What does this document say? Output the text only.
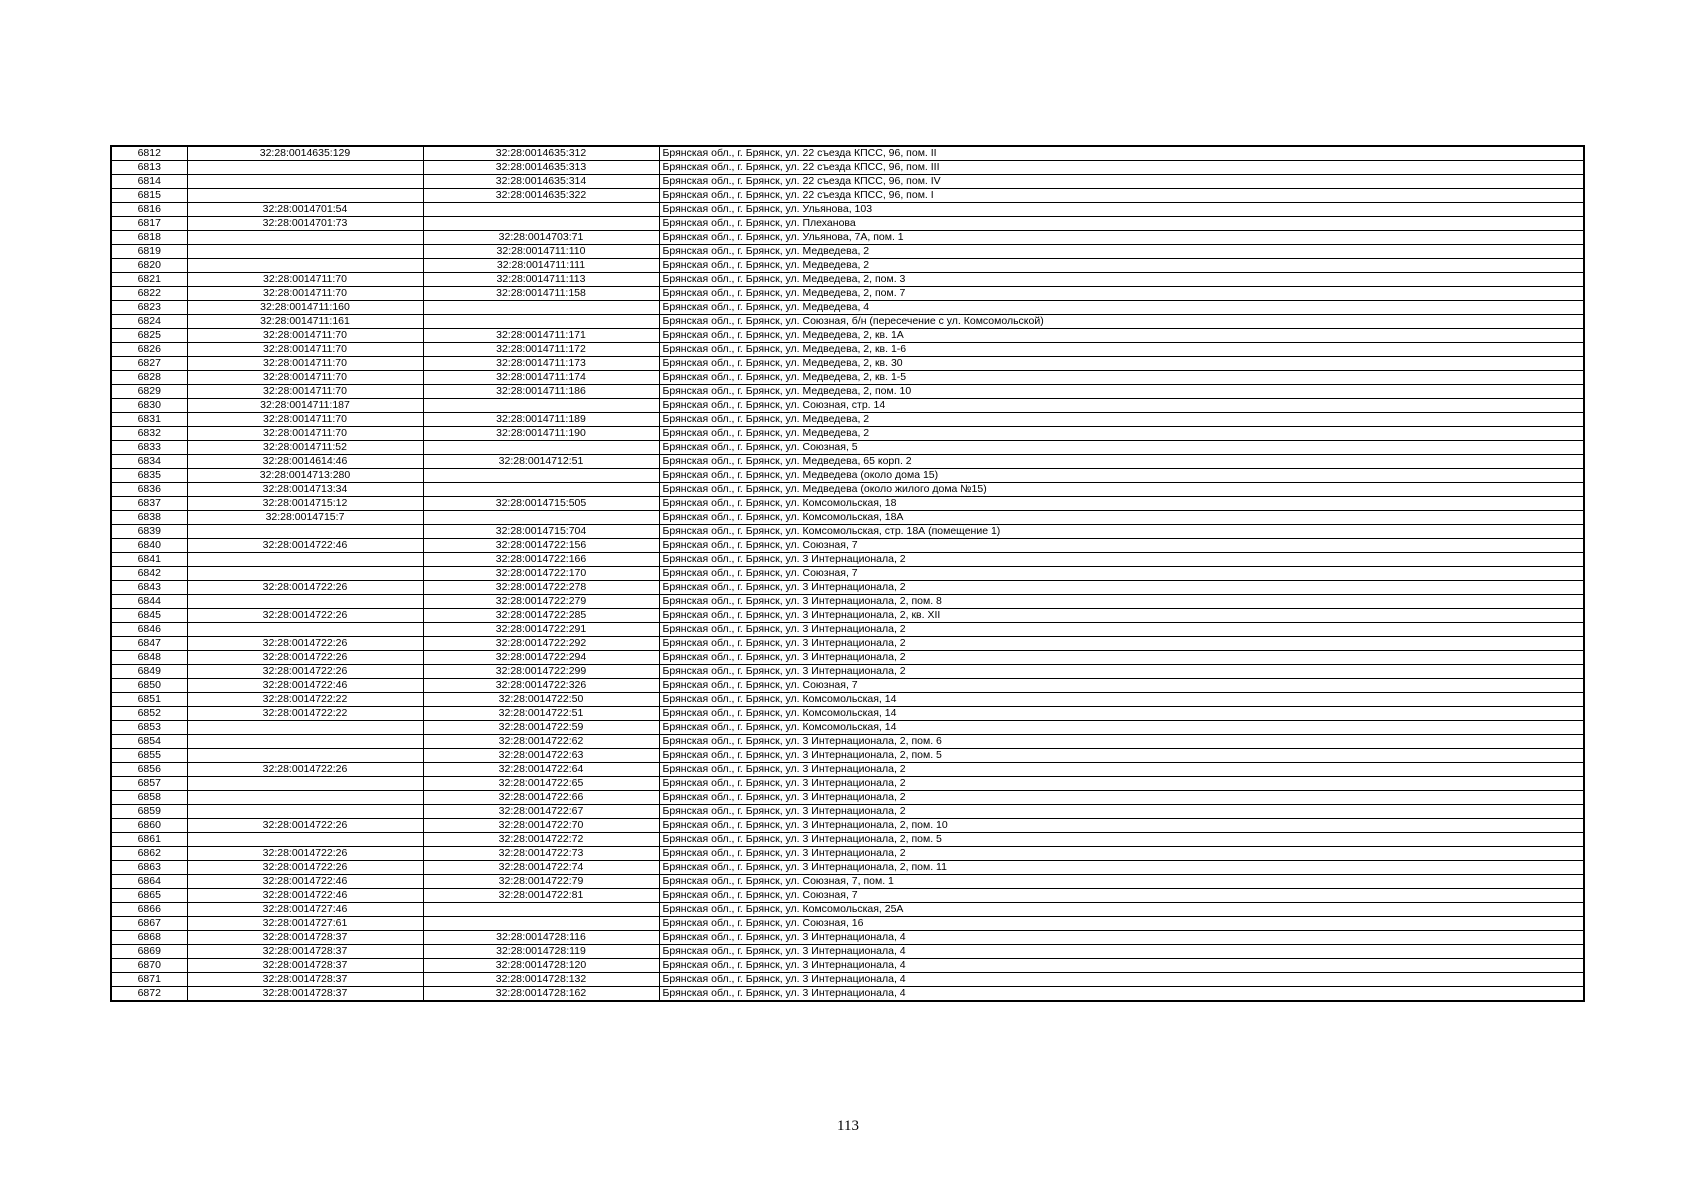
6812	32:28:0014635:129	32:28:0014635:312	Брянская обл., г. Брянск, ул. 22 съезда КПСС, 96, пом. II
6813		32:28:0014635:313	Брянская обл., г. Брянск, ул. 22 съезда КПСС, 96, пом. III
6814		32:28:0014635:314	Брянская обл., г. Брянск, ул. 22 съезда КПСС, 96, пом. IV
6815		32:28:0014635:322	Брянская обл., г. Брянск, ул. 22 съезда КПСС, 96, пом. I
6816	32:28:0014701:54		Брянская обл., г. Брянск, ул. Ульянова, 103
6817	32:28:0014701:73		Брянская обл., г. Брянск, ул. Плеханова
6818		32:28:0014703:71	Брянская обл., г. Брянск, ул. Ульянова, 7А, пом. 1
6819		32:28:0014711:110	Брянская обл., г. Брянск, ул. Медведева, 2
6820		32:28:0014711:111	Брянская обл., г. Брянск, ул. Медведева, 2
6821	32:28:0014711:70	32:28:0014711:113	Брянская обл., г. Брянск, ул. Медведева, 2, пом. 3
6822	32:28:0014711:70	32:28:0014711:158	Брянская обл., г. Брянск, ул. Медведева, 2, пом. 7
6823	32:28:0014711:160		Брянская обл., г. Брянск, ул. Медведева, 4
6824	32:28:0014711:161		Брянская обл., г. Брянск, ул. Союзная, б/н (пересечение с ул. Комсомольской)
6825	32:28:0014711:70	32:28:0014711:171	Брянская обл., г. Брянск, ул. Медведева, 2, кв. 1А
6826	32:28:0014711:70	32:28:0014711:172	Брянская обл., г. Брянск, ул. Медведева, 2, кв. 1-6
6827	32:28:0014711:70	32:28:0014711:173	Брянская обл., г. Брянск, ул. Медведева, 2, кв. 30
6828	32:28:0014711:70	32:28:0014711:174	Брянская обл., г. Брянск, ул. Медведева, 2, кв. 1-5
6829	32:28:0014711:70	32:28:0014711:186	Брянская обл., г. Брянск, ул. Медведева, 2, пом. 10
6830	32:28:0014711:187		Брянская обл., г. Брянск, ул. Союзная, стр. 14
6831	32:28:0014711:70	32:28:0014711:189	Брянская обл., г. Брянск, ул. Медведева, 2
6832	32:28:0014711:70	32:28:0014711:190	Брянская обл., г. Брянск, ул. Медведева, 2
6833	32:28:0014711:52		Брянская обл., г. Брянск, ул. Союзная, 5
6834	32:28:0014614:46	32:28:0014712:51	Брянская обл., г. Брянск, ул. Медведева, 65 корп. 2
6835	32:28:0014713:280		Брянская обл., г. Брянск, ул. Медведева (около дома 15)
6836	32:28:0014713:34		Брянская обл., г. Брянск, ул. Медведева (около жилого дома №15)
6837	32:28:0014715:12	32:28:0014715:505	Брянская обл., г. Брянск, ул. Комсомольская, 18
6838	32:28:0014715:7		Брянская обл., г. Брянск, ул. Комсомольская, 18А
6839		32:28:0014715:704	Брянская обл., г. Брянск, ул. Комсомольская, стр. 18А (помещение 1)
6840	32:28:0014722:46	32:28:0014722:156	Брянская обл., г. Брянск, ул. Союзная, 7
6841		32:28:0014722:166	Брянская обл., г. Брянск, ул. 3 Интернационала, 2
6842		32:28:0014722:170	Брянская обл., г. Брянск, ул. Союзная, 7
6843	32:28:0014722:26	32:28:0014722:278	Брянская обл., г. Брянск, ул. 3 Интернационала, 2
6844		32:28:0014722:279	Брянская обл., г. Брянск, ул. 3 Интернационала, 2, пом. 8
6845	32:28:0014722:26	32:28:0014722:285	Брянская обл., г. Брянск, ул. 3 Интернационала, 2, кв. XII
6846		32:28:0014722:291	Брянская обл., г. Брянск, ул. 3 Интернационала, 2
6847	32:28:0014722:26	32:28:0014722:292	Брянская обл., г. Брянск, ул. 3 Интернационала, 2
6848	32:28:0014722:26	32:28:0014722:294	Брянская обл., г. Брянск, ул. 3 Интернационала, 2
6849	32:28:0014722:26	32:28:0014722:299	Брянская обл., г. Брянск, ул. 3 Интернационала, 2
6850	32:28:0014722:46	32:28:0014722:326	Брянская обл., г. Брянск, ул. Союзная, 7
6851	32:28:0014722:22	32:28:0014722:50	Брянская обл., г. Брянск, ул. Комсомольская, 14
6852	32:28:0014722:22	32:28:0014722:51	Брянская обл., г. Брянск, ул. Комсомольская, 14
6853		32:28:0014722:59	Брянская обл., г. Брянск, ул. Комсомольская, 14
6854		32:28:0014722:62	Брянская обл., г. Брянск, ул. 3 Интернационала, 2, пом. 6
6855		32:28:0014722:63	Брянская обл., г. Брянск, ул. 3 Интернационала, 2, пом. 5
6856	32:28:0014722:26	32:28:0014722:64	Брянская обл., г. Брянск, ул. 3 Интернационала, 2
6857		32:28:0014722:65	Брянская обл., г. Брянск, ул. 3 Интернационала, 2
6858		32:28:0014722:66	Брянская обл., г. Брянск, ул. 3 Интернационала, 2
6859		32:28:0014722:67	Брянская обл., г. Брянск, ул. 3 Интернационала, 2
6860	32:28:0014722:26	32:28:0014722:70	Брянская обл., г. Брянск, ул. 3 Интернационала, 2, пом. 10
6861		32:28:0014722:72	Брянская обл., г. Брянск, ул. 3 Интернационала, 2, пом. 5
6862	32:28:0014722:26	32:28:0014722:73	Брянская обл., г. Брянск, ул. 3 Интернационала, 2
6863	32:28:0014722:26	32:28:0014722:74	Брянская обл., г. Брянск, ул. 3 Интернационала, 2, пом. 11
6864	32:28:0014722:46	32:28:0014722:79	Брянская обл., г. Брянск, ул. Союзная, 7, пом. 1
6865	32:28:0014722:46	32:28:0014722:81	Брянская обл., г. Брянск, ул. Союзная, 7
6866	32:28:0014727:46		Брянская обл., г. Брянск, ул. Комсомольская, 25А
6867	32:28:0014727:61		Брянская обл., г. Брянск, ул. Союзная, 16
6868	32:28:0014728:37	32:28:0014728:116	Брянская обл., г. Брянск, ул. 3 Интернационала, 4
6869	32:28:0014728:37	32:28:0014728:119	Брянская обл., г. Брянск, ул. 3 Интернационала, 4
6870	32:28:0014728:37	32:28:0014728:120	Брянская обл., г. Брянск, ул. 3 Интернационала, 4
6871	32:28:0014728:37	32:28:0014728:132	Брянская обл., г. Брянск, ул. 3 Интернационала, 4
6872	32:28:0014728:37	32:28:0014728:162	Брянская обл., г. Брянск, ул. 3 Интернационала, 4
113
